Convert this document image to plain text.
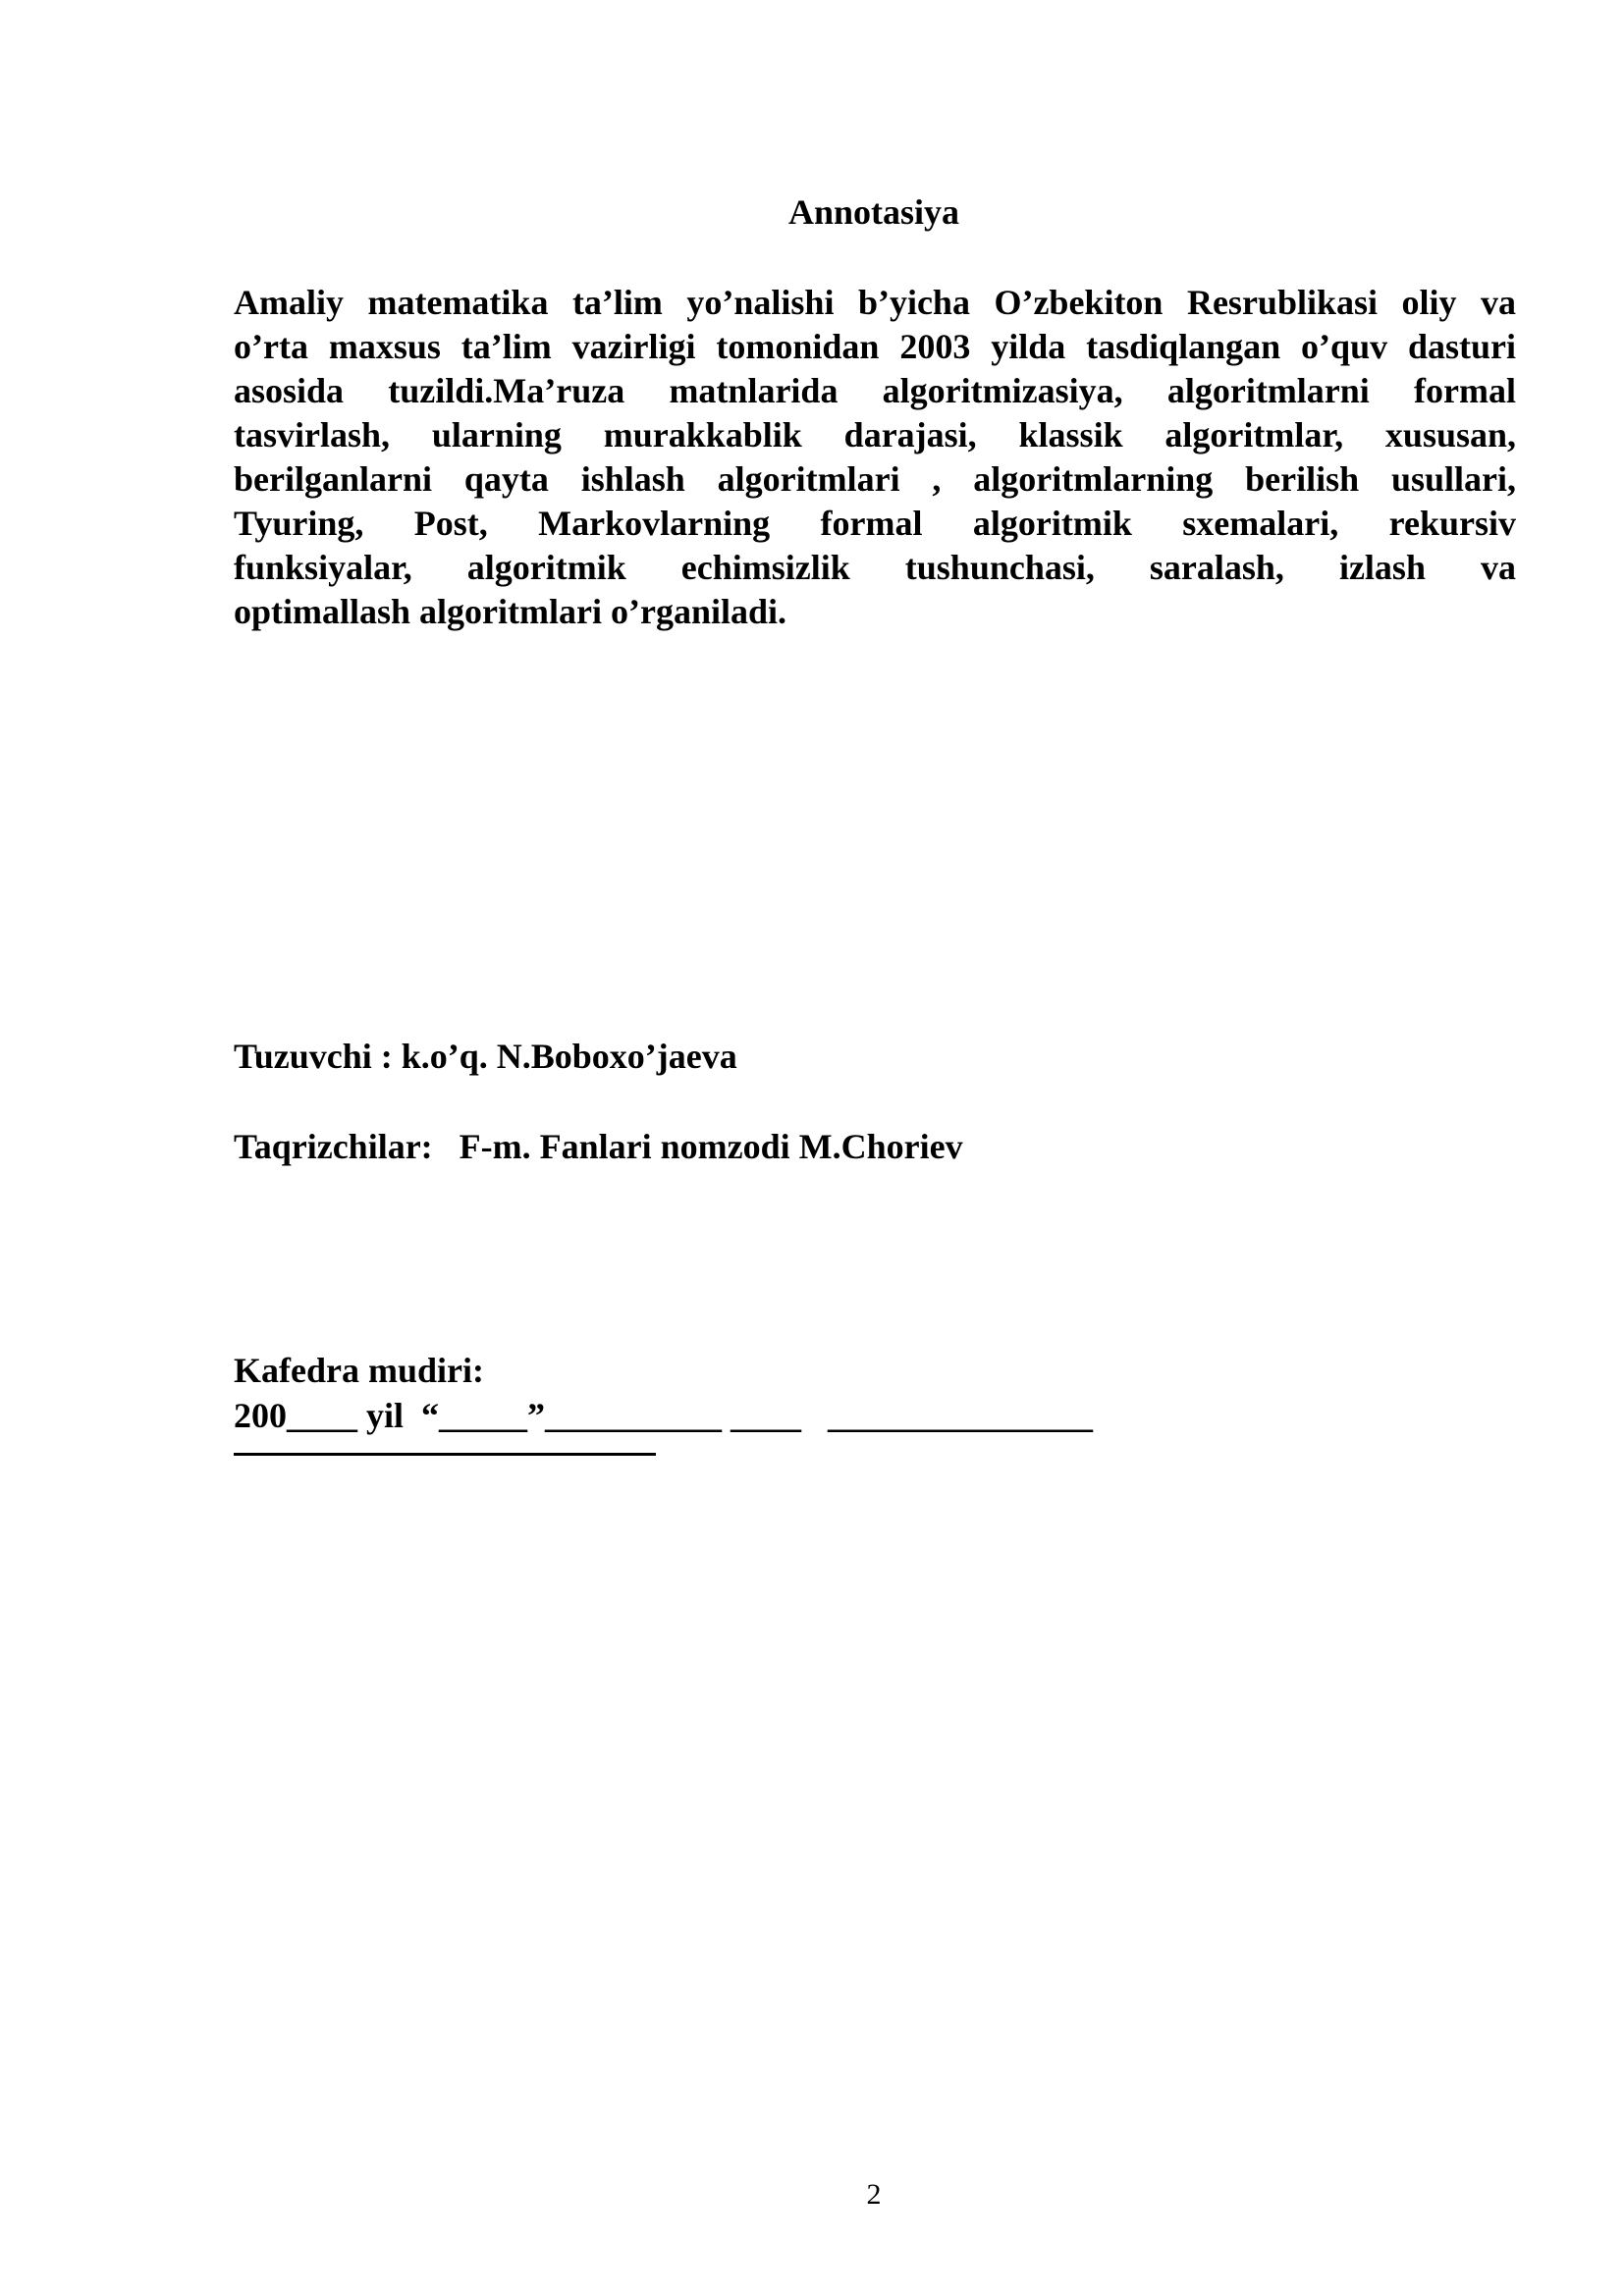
Annotasiya
Amaliy matematika ta’lim yo’nalishi b’yicha O’zbekiton Resrublikasi oliy va
o’rta maxsus ta’lim vazirligi tomonidan 2003 yilda tasdiqlangan o’quv dasturi
asosida tuzildi.Ma’ruza matnlarida algoritmizasiya, algoritmlarni formal
tasvirlash, ularning murakkablik darajasi, klassik algoritmlar, xususan,
berilganlarni qayta ishlash algoritmlari , algoritmlarning berilish usullari,
Tyuring, Post, Markovlarning formal algoritmik sxemalari, rekursiv
funksiyalar, algoritmik echimsizlik tushunchasi, saralash, izlash va
optimallash algoritmlari o’rganiladi.

Tuzuvchi : k.o’q. N.Boboxo’jaeva

Taqrizchilar:   F-m. Fanlari nomzodi M.Choriev

Kafedra mudiri:

200____ yil  “_____”__________ ____   _______________

2
